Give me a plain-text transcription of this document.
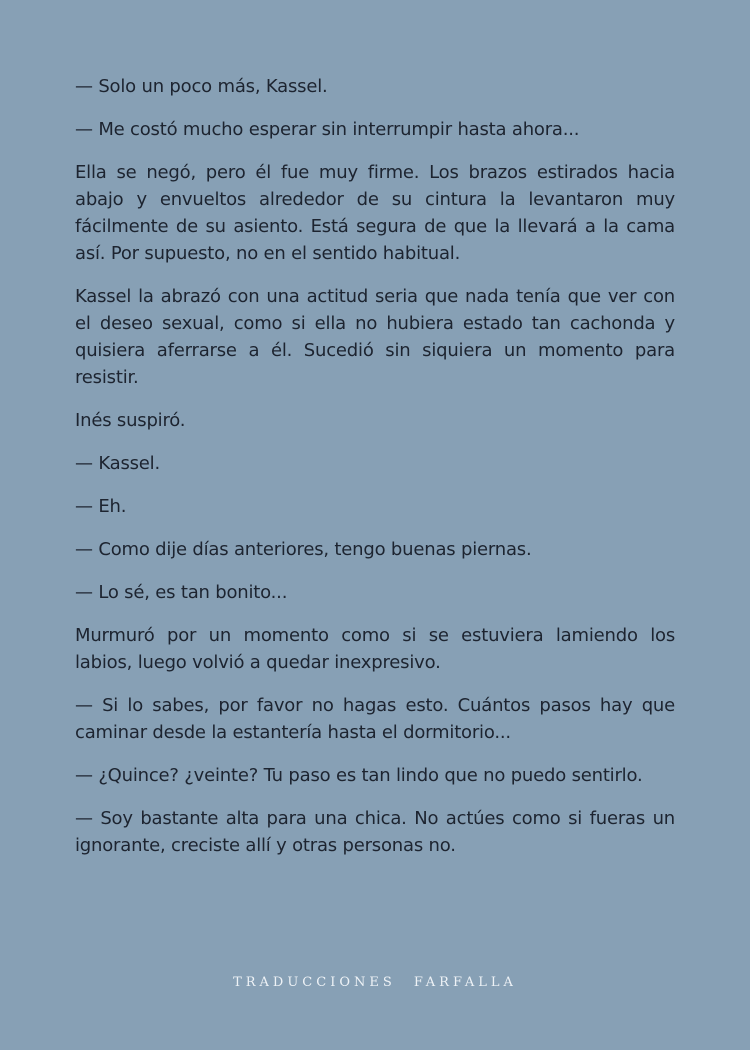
— Solo un poco más, Kassel.

— Me costó mucho esperar sin interrumpir hasta ahora...

Ella se negó, pero él fue muy firme. Los brazos estirados hacia abajo y envueltos alrededor de su cintura la levantaron muy fácilmente de su asiento. Está segura de que la llevará a la cama así. Por supuesto, no en el sentido habitual.

Kassel la abrazó con una actitud seria que nada tenía que ver con el deseo sexual, como si ella no hubiera estado tan cachonda y quisiera aferrarse a él. Sucedió sin siquiera un momento para resistir.

Inés suspiró.

— Kassel.

— Eh.

— Como dije días anteriores, tengo buenas piernas.

— Lo sé, es tan bonito...

Murmuró por un momento como si se estuviera lamiendo los labios, luego volvió a quedar inexpresivo.

— Si lo sabes, por favor no hagas esto. Cuántos pasos hay que caminar desde la estantería hasta el dormitorio...

— ¿Quince? ¿veinte? Tu paso es tan lindo que no puedo sentirlo.

— Soy bastante alta para una chica. No actúes como si fueras un ignorante, creciste allí y otras personas no.

TRADUCCIONES FARFALLA
